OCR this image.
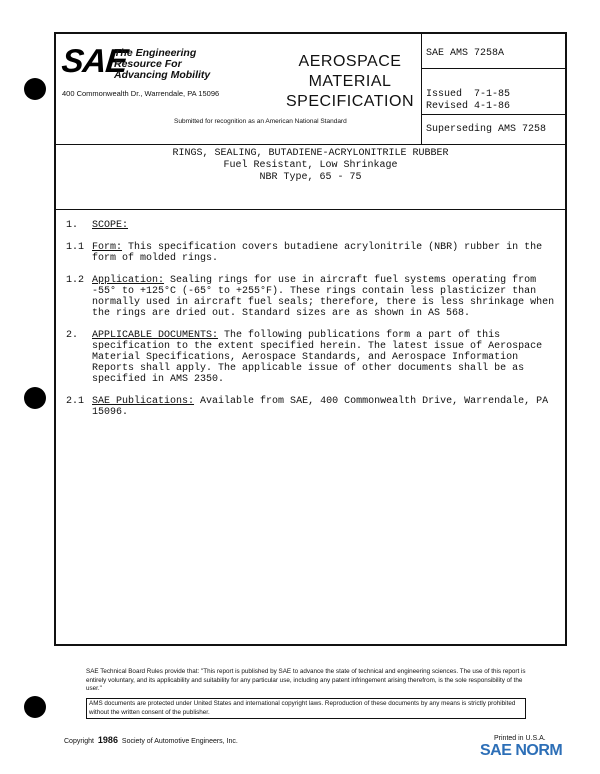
SAE
The Engineering
Resource For
Advancing Mobility
400 Commonwealth Dr., Warrendale, PA 15096
Submitted for recognition as an American National Standard
AEROSPACE
MATERIAL
SPECIFICATION
SAE AMS 7258A
Issued 7-1-85
Revised 4-1-86
Superseding AMS 7258
RINGS, SEALING, BUTADIENE-ACRYLONITRILE RUBBER
Fuel Resistant, Low Shrinkage
NBR Type, 65 - 75
1.	SCOPE:
1.1 Form: This specification covers butadiene acrylonitrile (NBR) rubber in the form of molded rings.
1.2 Application: Sealing rings for use in aircraft fuel systems operating from -55° to +125°C (-65° to +255°F). These rings contain less plasticizer than normally used in aircraft fuel seals; therefore, there is less shrinkage when the rings are dried out. Standard sizes are as shown in AS 568.
2.	APPLICABLE DOCUMENTS: The following publications form a part of this specification to the extent specified herein. The latest issue of Aerospace Material Specifications, Aerospace Standards, and Aerospace Information Reports shall apply. The applicable issue of other documents shall be as specified in AMS 2350.
2.1 SAE Publications: Available from SAE, 400 Commonwealth Drive, Warrendale, PA 15096.
SAE Technical Board Rules provide that: "This report is published by SAE to advance the state of technical and engineering sciences. The use of this report is entirely voluntary, and its applicability and suitability for any particular use, including any patent infringement arising therefrom, is the sole responsibility of the user."
AMS documents are protected under United States and international copyright laws. Reproduction of these documents by any means is strictly prohibited without the written consent of the publisher.
Copyright 1986 Society of Automotive Engineers, Inc.	Printed in U.S.A.
SAE NORM
